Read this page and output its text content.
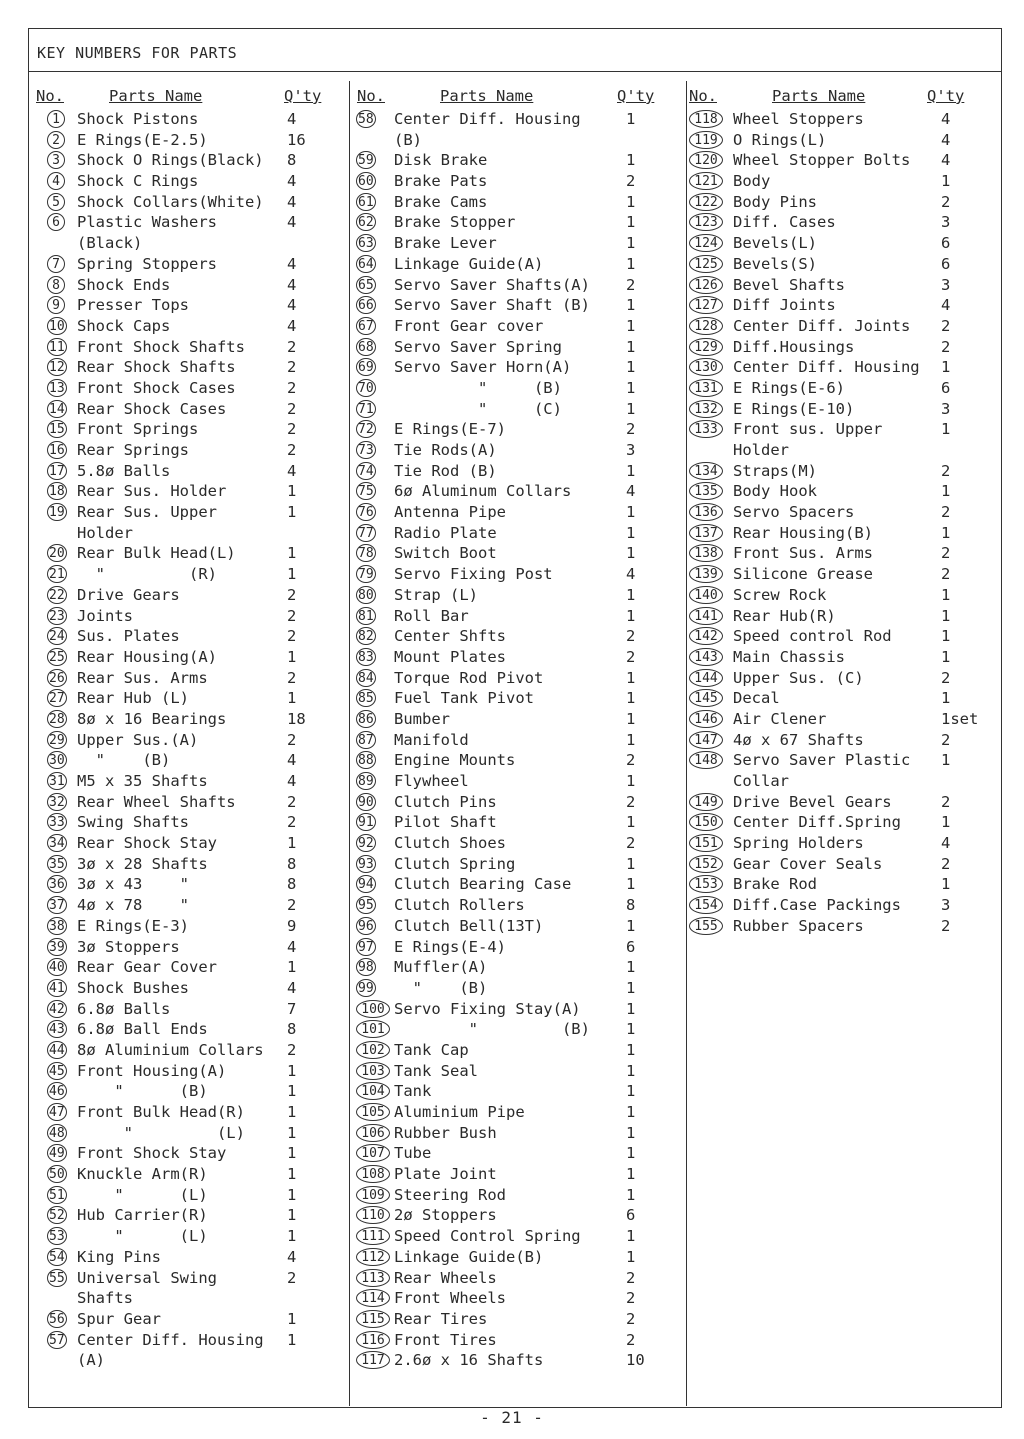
KEY NUMBERS FOR PARTS
No.	Parts Name	Q'ty
1	Shock Pistons	4
2	E Rings(E-2.5)	16
3	Shock O Rings(Black) 8
4	Shock C Rings	4
5	Shock Collars(White) 4
6	Plastic Washers	4
(Black)
7	Spring Stoppers	4
8	Shock Ends	4
9	Presser Tops	4
10 Shock Caps	4
11 Front Shock Shafts	2
12 Rear Shock Shafts	2
13 Front Shock Cases	2
14 Rear Shock Cases	2
15 Front Springs	2
16 Rear Springs	2
17 5.8ø Balls	4
18 Rear Sus. Holder	1
19 Rear Sus. Upper	1
Holder
20 Rear Bulk Head(L)	1
21 "         (R)	1
22 Drive Gears	2
23 Joints	2
24 Sus. Plates	2
25 Rear Housing(A)	1
26 Rear Sus. Arms	2
27 Rear Hub (L)	1
28 8ø x 16 Bearings	18
29 Upper Sus.(A)	2
30 "    (B)	4
31 M5 x 35 Shafts	4
32 Rear Wheel Shafts	2
33 Swing Shafts	2
34 Rear Shock Stay	1
35 3ø x 28 Shafts	8
36 3ø x 43    "	8
37 4ø x 78    "	2
38 E Rings(E-3)	9
39 3ø Stoppers	4
40 Rear Gear Cover	1
41 Shock Bushes	4
42 6.8ø Balls	7
43 6.8ø Ball Ends	8
44 8ø Aluminium Collars 2
45 Front Housing(A)	1
46 "      (B)	1
47 Front Bulk Head(R)	1
48 "         (L)	1
49 Front Shock Stay	1
50 Knuckle Arm(R)	1
51 "      (L)	1
52 Hub Carrier(R)	1
53 "      (L)	1
54 King Pins	4
55 Universal Swing	2
Shafts
56 Spur Gear	1
57 Center Diff. Housing 1
(A)
No.	Parts Name	Q'ty
58 Center Diff. Housing	1
(B)
59 Disk Brake	1
60 Brake Pats	2
61 Brake Cams	1
62 Brake Stopper	1
63 Brake Lever	1
64 Linkage Guide(A)	1
65 Servo Saver Shafts(A) 2
66 Servo Saver Shaft (B) 1
67 Front Gear cover	1
68 Servo Saver Spring	1
69 Servo Saver Horn(A)	1
70 "     (B)	1
71 "     (C)	1
72 E Rings(E-7)	2
73 Tie Rods(A)	3
74 Tie Rod (B)	1
75 6ø Aluminum Collars	4
76 Antenna Pipe	1
77 Radio Plate	1
78 Switch Boot	1
79 Servo Fixing Post	4
80 Strap (L)	1
81 Roll Bar	1
82 Center Shfts	2
83 Mount Plates	2
84 Torque Rod Pivot	1
85 Fuel Tank Pivot	1
86 Bumber	1
87 Manifold	1
88 Engine Mounts	2
89 Flywheel	1
90 Clutch Pins	2
91 Pilot Shaft	1
92 Clutch Shoes	2
93 Clutch Spring	1
94 Clutch Bearing Case	1
95 Clutch Rollers	8
96 Clutch Bell(13T)	1
97 E Rings(E-4)	6
98 Muffler(A)	1
99 "    (B)	1
100 Servo Fixing Stay(A)	1
101 "         (B) 1
102 Tank Cap	1
103 Tank Seal	1
104 Tank	1
105 Aluminium Pipe	1
106 Rubber Bush	1
107 Tube	1
108 Plate Joint	1
109 Steering Rod	1
110 2ø Stoppers	6
111 Speed Control Spring	1
112 Linkage Guide(B)	1
113 Rear Wheels	2
114 Front Wheels	2
115 Rear Tires	2
116 Front Tires	2
117 2.6ø x 16 Shafts	10
No.	Parts Name	Q'ty
118 Wheel Stoppers	4
119 O Rings(L)	4
120 Wheel Stopper Bolts 4
121 Body	1
122 Body Pins	2
123 Diff. Cases	3
124 Bevels(L)	6
125 Bevels(S)	6
126 Bevel Shafts	3
127 Diff Joints	4
128 Center Diff. Joints 2
129 Diff.Housings	2
130 Center Diff. Housing 1
131 E Rings(E-6)	6
132 E Rings(E-10)	3
133 Front sus. Upper	1
Holder
134 Straps(M)	2
135 Body Hook	1
136 Servo Spacers	2
137 Rear Housing(B)	1
138 Front Sus. Arms	2
139 Silicone Grease	2
140 Screw Rock	1
141 Rear Hub(R)	1
142 Speed control Rod	1
143 Main Chassis	1
144 Upper Sus. (C)	2
145 Decal	1
146 Air Clener	1set
147 4ø x 67 Shafts	2
148 Servo Saver Plastic 1
Collar
149 Drive Bevel Gears	2
150 Center Diff.Spring	1
151 Spring Holders	4
152 Gear Cover Seals	2
153 Brake Rod	1
154 Diff.Case Packings	3
155 Rubber Spacers	2
- 21 -
